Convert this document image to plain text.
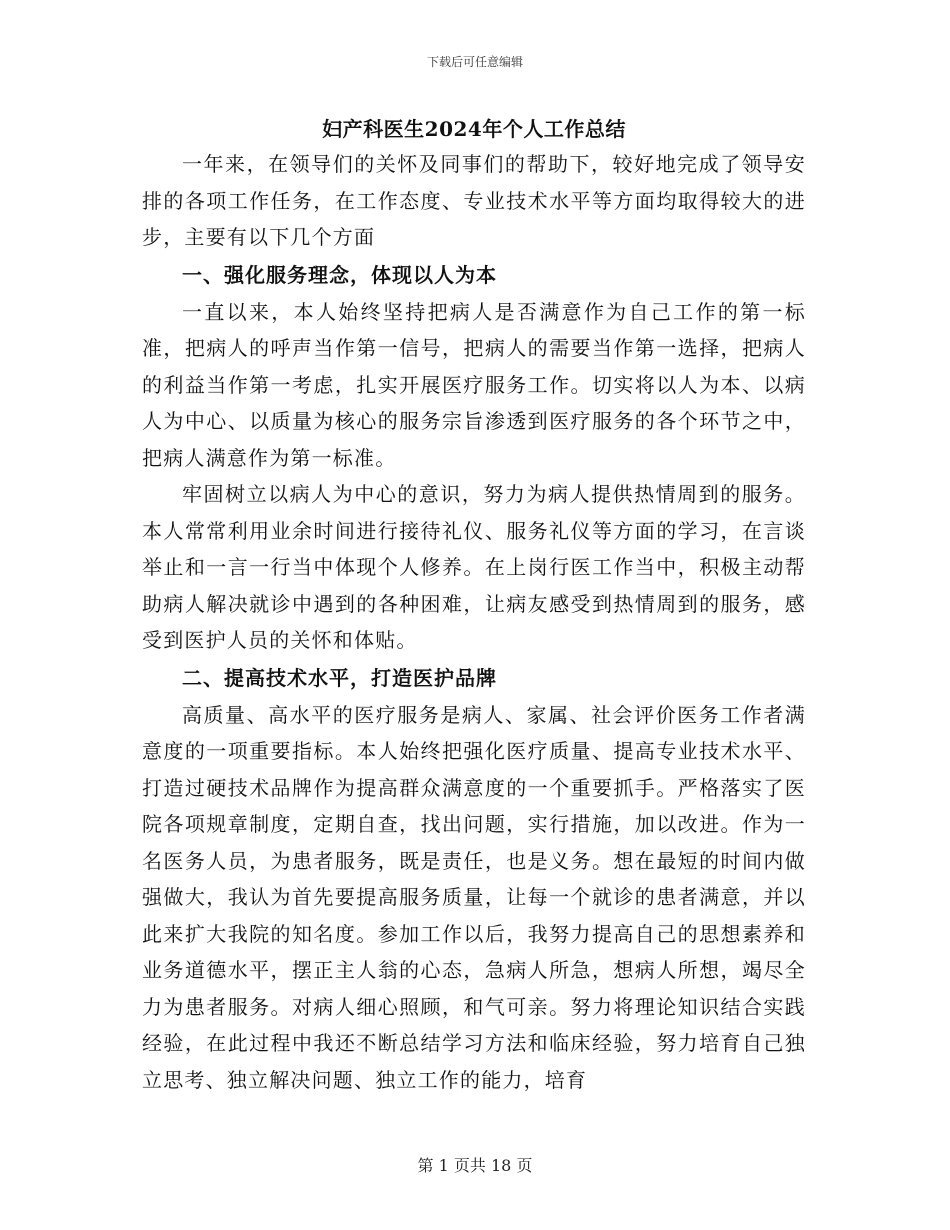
下载后可任意编辑
妇产科医生2024年个人工作总结

一年来，在领导们的关怀及同事们的帮助下，较好地完成了领导安排的各项工作任务，在工作态度、专业技术水平等方面均取得较大的进步，主要有以下几个方面

一、强化服务理念，体现以人为本

一直以来，本人始终坚持把病人是否满意作为自己工作的第一标准，把病人的呼声当作第一信号，把病人的需要当作第一选择，把病人的利益当作第一考虑，扎实开展医疗服务工作。切实将以人为本、以病人为中心、以质量为核心的服务宗旨渗透到医疗服务的各个环节之中，把病人满意作为第一标准。

牢固树立以病人为中心的意识，努力为病人提供热情周到的服务。本人常常利用业余时间进行接待礼仪、服务礼仪等方面的学习，在言谈举止和一言一行当中体现个人修养。在上岗行医工作当中，积极主动帮助病人解决就诊中遇到的各种困难，让病友感受到热情周到的服务，感受到医护人员的关怀和体贴。

二、提高技术水平，打造医护品牌

高质量、高水平的医疗服务是病人、家属、社会评价医务工作者满意度的一项重要指标。本人始终把强化医疗质量、提高专业技术水平、打造过硬技术品牌作为提高群众满意度的一个重要抓手。严格落实了医院各项规章制度，定期自查，找出问题，实行措施，加以改进。作为一名医务人员，为患者服务，既是责任，也是义务。想在最短的时间内做强做大，我认为首先要提高服务质量，让每一个就诊的患者满意，并以此来扩大我院的知名度。参加工作以后，我努力提高自己的思想素养和业务道德水平，摆正主人翁的心态，急病人所急，想病人所想，竭尽全力为患者服务。对病人细心照顾，和气可亲。努力将理论知识结合实践经验，在此过程中我还不断总结学习方法和临床经验，努力培育自己独立思考、独立解决问题、独立工作的能力，培育

第 1 页共 18 页
